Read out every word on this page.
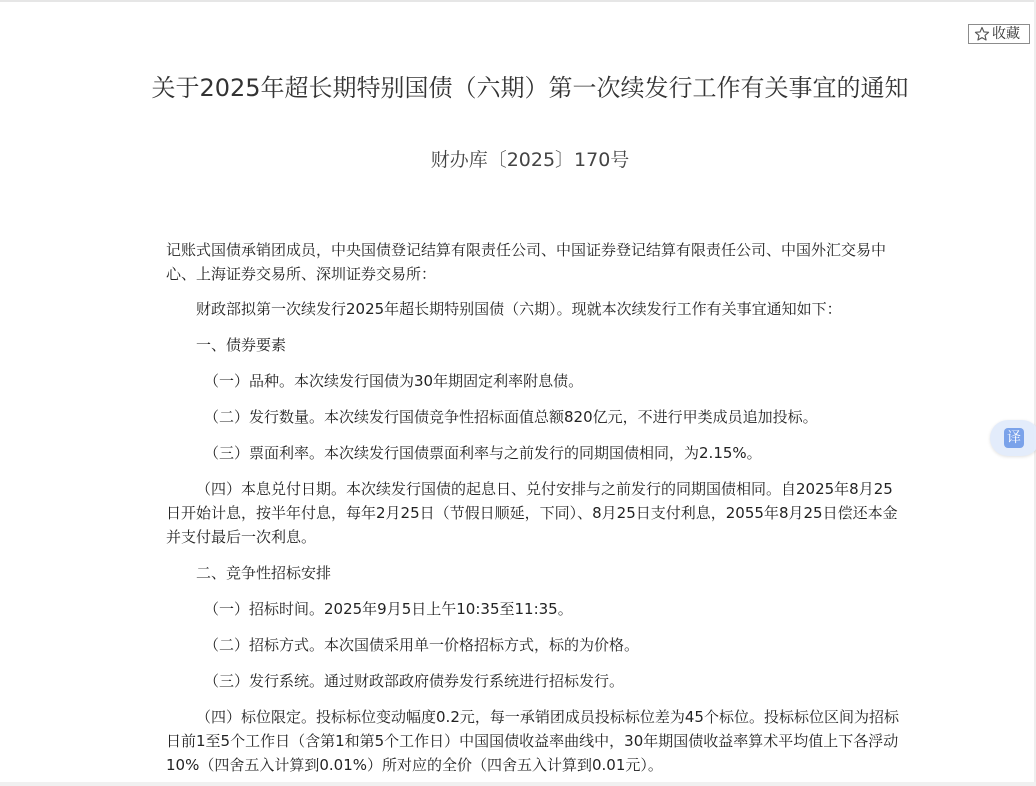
收藏
关于2025年超长期特别国债（六期）第一次续发行工作有关事宜的通知
财办库〔2025〕170号

记账式国债承销团成员，中央国债登记结算有限责任公司、中国证券登记结算有限责任公司、中国外汇交易中心、上海证券交易所、深圳证券交易所：

财政部拟第一次续发行2025年超长期特别国债（六期）。现就本次续发行工作有关事宜通知如下：

一、债券要素

（一）品种。本次续发行国债为30年期固定利率附息债。

（二）发行数量。本次续发行国债竞争性招标面值总额820亿元，不进行甲类成员追加投标。

（三）票面利率。本次续发行国债票面利率与之前发行的同期国债相同，为2.15%。

（四）本息兑付日期。本次续发行国债的起息日、兑付安排与之前发行的同期国债相同。自2025年8月25日开始计息，按半年付息，每年2月25日（节假日顺延，下同）、8月25日支付利息，2055年8月25日偿还本金并支付最后一次利息。

二、竞争性招标安排

（一）招标时间。2025年9月5日上午10:35至11:35。

（二）招标方式。本次国债采用单一价格招标方式，标的为价格。

（三）发行系统。通过财政部政府债券发行系统进行招标发行。

（四）标位限定。投标标位变动幅度0.2元，每一承销团成员投标标位差为45个标位。投标标位区间为招标日前1至5个工作日（含第1和第5个工作日）中国国债收益率曲线中，30年期国债收益率算术平均值上下各浮动10%（四舍五入计算到0.01%）所对应的全价（四舍五入计算到0.01元）。

译
